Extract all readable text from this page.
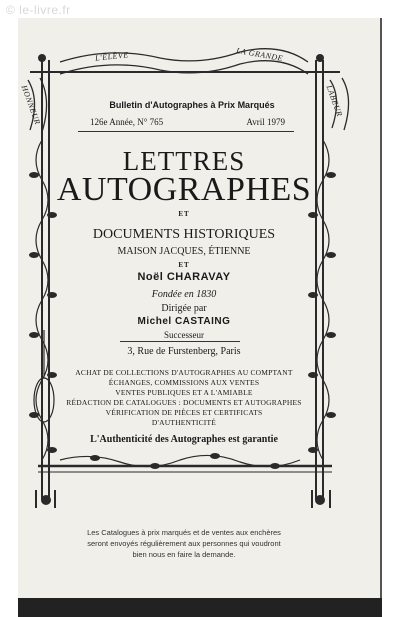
© le-livre.fr
HONNEUR
L'ÉLÈVE	LA GRANDE
LABEUR
Bulletin d'Autographes à Prix Marqués
126e Année, N° 765	Avril 1979
LETTRES
AUTOGRAPHES
ET
DOCUMENTS HISTORIQUES
MAISON JACQUES, ÉTIENNE
ET
Noël CHARAVAY
Fondée en 1830
Dirigée par
Michel CASTAING
Successeur
3, Rue de Furstenberg, Paris
ACHAT DE COLLECTIONS D'AUTOGRAPHES AU COMPTANT
ÉCHANGES, COMMISSIONS AUX VENTES
VENTES PUBLIQUES ET A L'AMIABLE
RÉDACTION DE CATALOGUES : DOCUMENTS ET AUTOGRAPHES
VÉRIFICATION DE PIÈCES ET CERTIFICATS
D'AUTHENTICITÉ
L'Authenticité des Autographes est garantie
Les Catalogues à prix marqués et de ventes aux enchères
seront envoyés régulièrement aux personnes qui voudront
bien nous en faire la demande.
